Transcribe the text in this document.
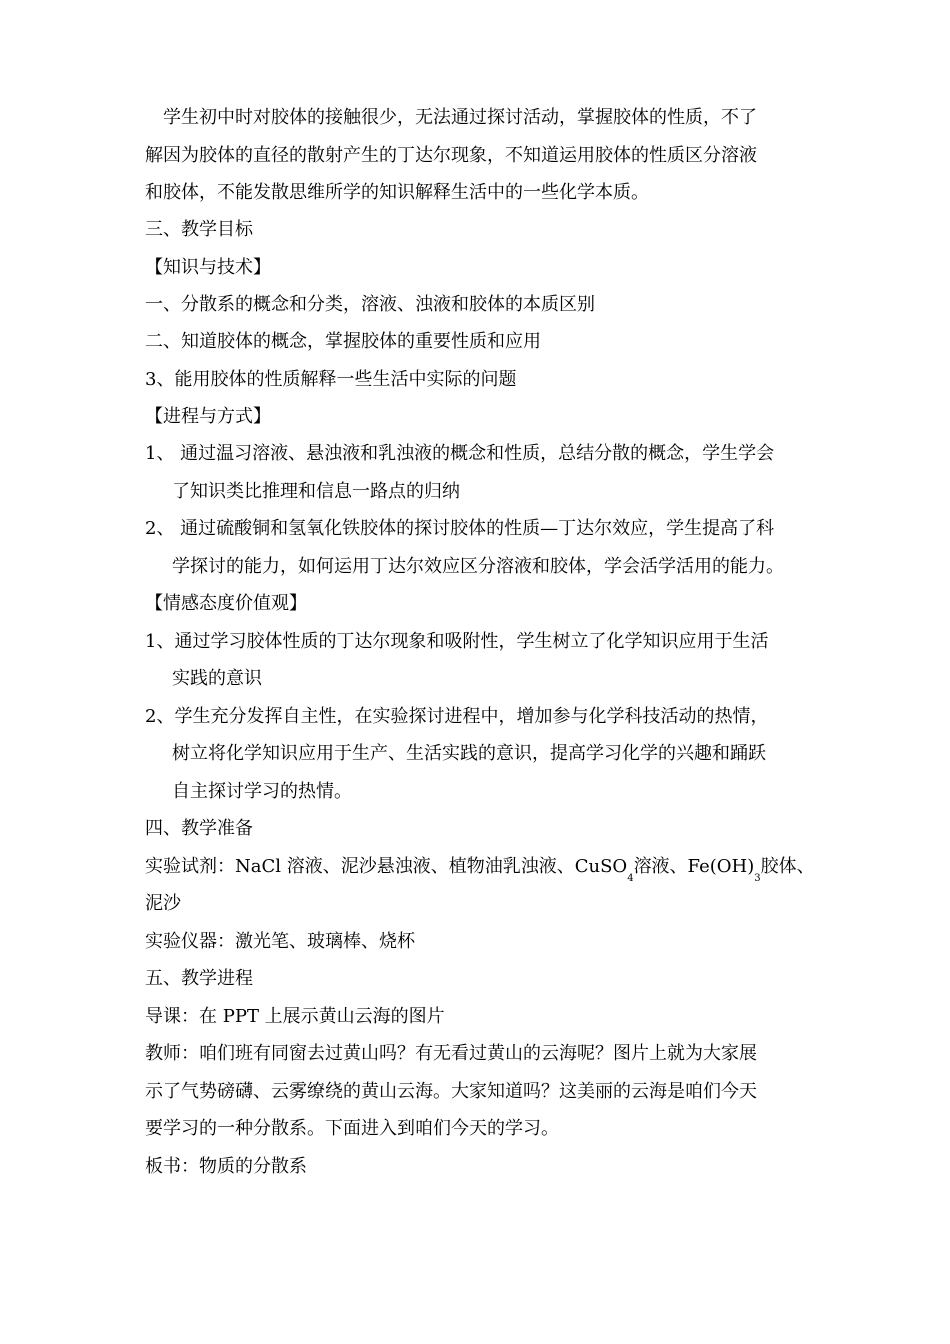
学生初中时对胶体的接触很少，无法通过探讨活动，掌握胶体的性质，不了
解因为胶体的直径的散射产生的丁达尔现象，不知道运用胶体的性质区分溶液
和胶体，不能发散思维所学的知识解释生活中的一些化学本质。
三、教学目标
【知识与技术】
一、分散系的概念和分类，溶液、浊液和胶体的本质区别
二、知道胶体的概念，掌握胶体的重要性质和应用
3、能用胶体的性质解释一些生活中实际的问题
【进程与方式】
1、 通过温习溶液、悬浊液和乳浊液的概念和性质，总结分散的概念，学生学会
了知识类比推理和信息一路点的归纳
2、 通过硫酸铜和氢氧化铁胶体的探讨胶体的性质—丁达尔效应，学生提高了科
学探讨的能力，如何运用丁达尔效应区分溶液和胶体，学会活学活用的能力。
【情感态度价值观】
1、通过学习胶体性质的丁达尔现象和吸附性，学生树立了化学知识应用于生活
实践的意识
2、学生充分发挥自主性，在实验探讨进程中，增加参与化学科技活动的热情，
树立将化学知识应用于生产、生活实践的意识，提高学习化学的兴趣和踊跃
自主探讨学习的热情。
四、教学准备
实验试剂：NaCl 溶液、泥沙悬浊液、植物油乳浊液、CuSO$_4$溶液、$Fe(OH)_3$胶体、
泥沙
实验仪器：激光笔、玻璃棒、烧杯
五、教学进程
导课：在 PPT 上展示黄山云海的图片
教师：咱们班有同窗去过黄山吗？有无看过黄山的云海呢？图片上就为大家展
示了气势磅礴、云雾缭绕的黄山云海。大家知道吗？这美丽的云海是咱们今天
要学习的一种分散系。下面进入到咱们今天的学习。
板书：物质的分散系
